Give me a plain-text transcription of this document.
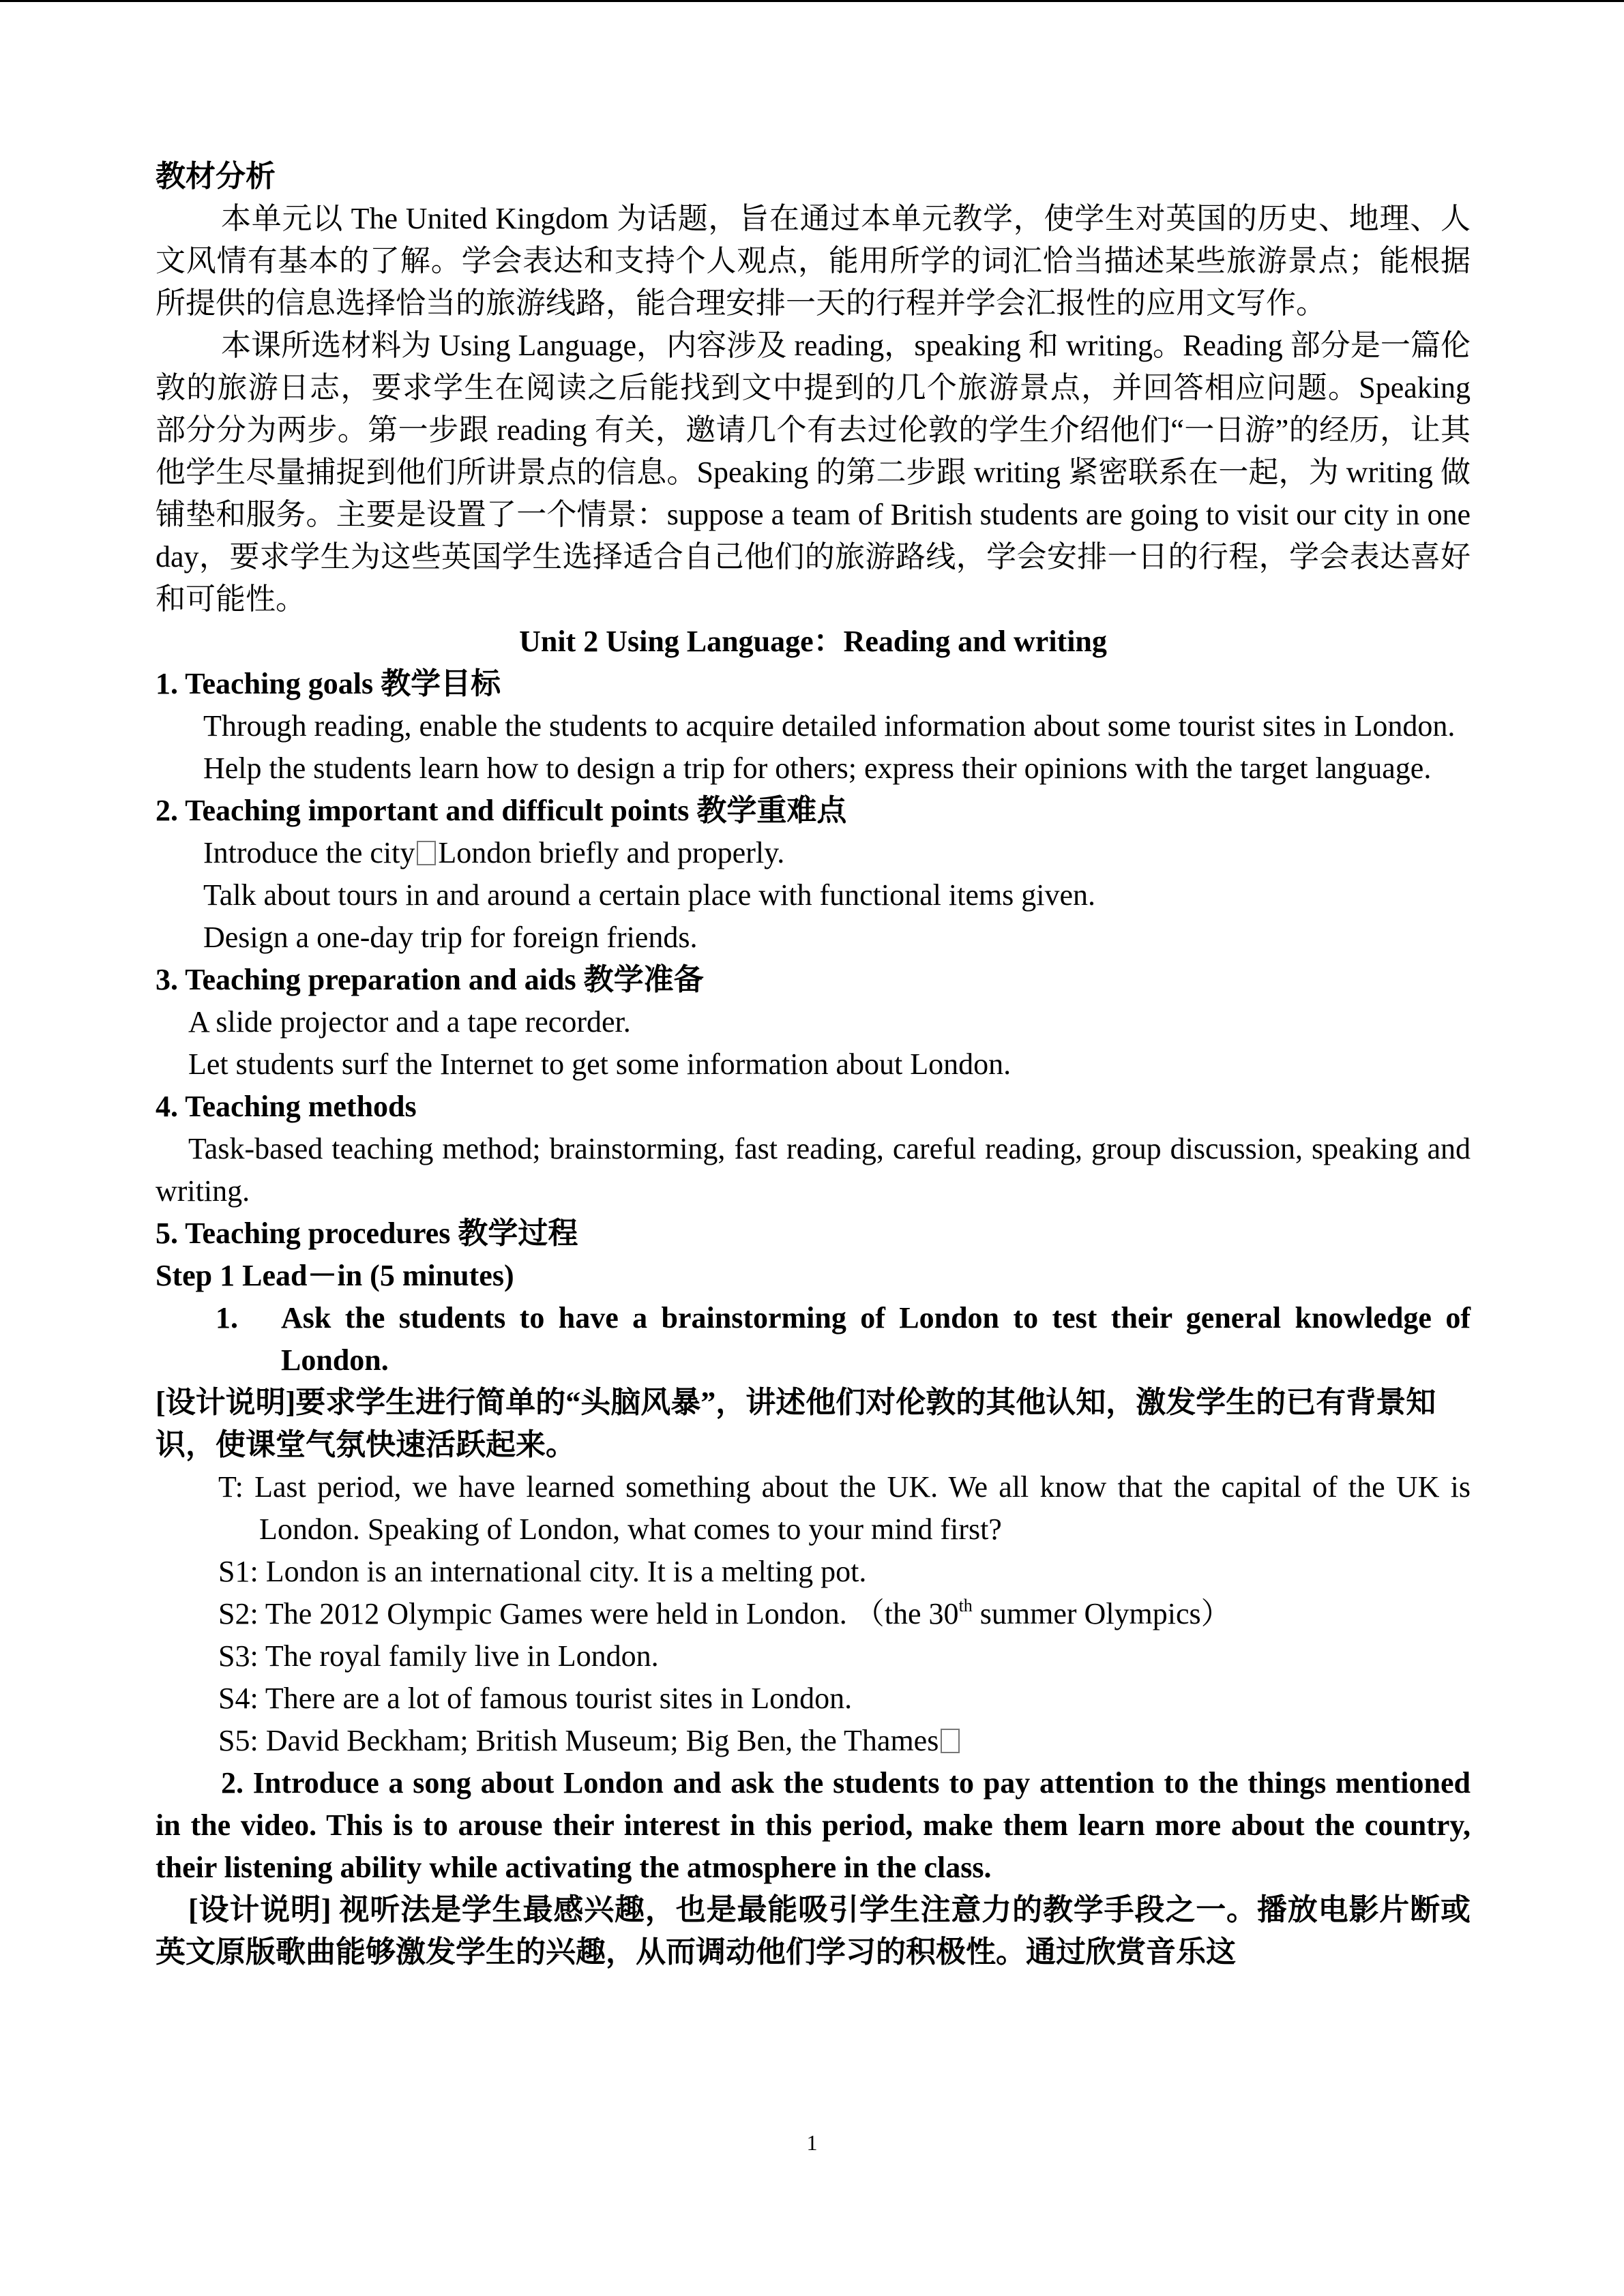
教材分析

本单元以 The United Kingdom 为话题，旨在通过本单元教学，使学生对英国的历史、地理、人文风情有基本的了解。学会表达和支持个人观点，能用所学的词汇恰当描述某些旅游景点；能根据所提供的信息选择恰当的旅游线路，能合理安排一天的行程并学会汇报性的应用文写作。

本课所选材料为 Using Language，内容涉及 reading，speaking 和 writing。Reading 部分是一篇伦敦的旅游日志，要求学生在阅读之后能找到文中提到的几个旅游景点，并回答相应问题。Speaking 部分分为两步。第一步跟 reading 有关，邀请几个有去过伦敦的学生介绍他们“一日游”的经历，让其他学生尽量捕捉到他们所讲景点的信息。Speaking 的第二步跟 writing 紧密联系在一起，为 writing 做铺垫和服务。主要是设置了一个情景：suppose a team of British students are going to visit our city in one day，要求学生为这些英国学生选择适合自己他们的旅游路线，学会安排一日的行程，学会表达喜好和可能性。

Unit 2 Using Language：Reading and writing

1. Teaching goals 教学目标

Through reading, enable the students to acquire detailed information about some tourist sites in London.

Help the students learn how to design a trip for others; express their opinions with the target language.

2. Teaching important and difficult points 教学重难点

Introduce the city London briefly and properly.

Talk about tours in and around a certain place with functional items given.

Design a one-day trip for foreign friends.

3. Teaching preparation and aids 教学准备

A slide projector and a tape recorder.

Let students surf the Internet to get some information about London.

4. Teaching methods

Task-based teaching method; brainstorming, fast reading, careful reading, group discussion, speaking and writing.

5. Teaching procedures 教学过程

Step 1 Lead－in (5 minutes)

1.	Ask the students to have a brainstorming of London to test their general knowledge of London.

[设计说明]要求学生进行简单的“头脑风暴”，讲述他们对伦敦的其他认知，激发学生的已有背景知识，使课堂气氛快速活跃起来。

T: Last period, we have learned something about the UK. We all know that the capital of the UK is London. Speaking of London, what comes to your mind first?

S1: London is an international city. It is a melting pot.

S2: The 2012 Olympic Games were held in London. （the 30th summer Olympics）

S3: The royal family live in London.

S4: There are a lot of famous tourist sites in London.

S5: David Beckham; British Museum; Big Ben, the Thames

2. Introduce a song about London and ask the students to pay attention to the things mentioned in the video. This is to arouse their interest in this period, make them learn more about the country, their listening ability while activating the atmosphere in the class.

[设计说明] 视听法是学生最感兴趣，也是最能吸引学生注意力的教学手段之一。播放电影片断或英文原版歌曲能够激发学生的兴趣，从而调动他们学习的积极性。通过欣赏音乐这

1
